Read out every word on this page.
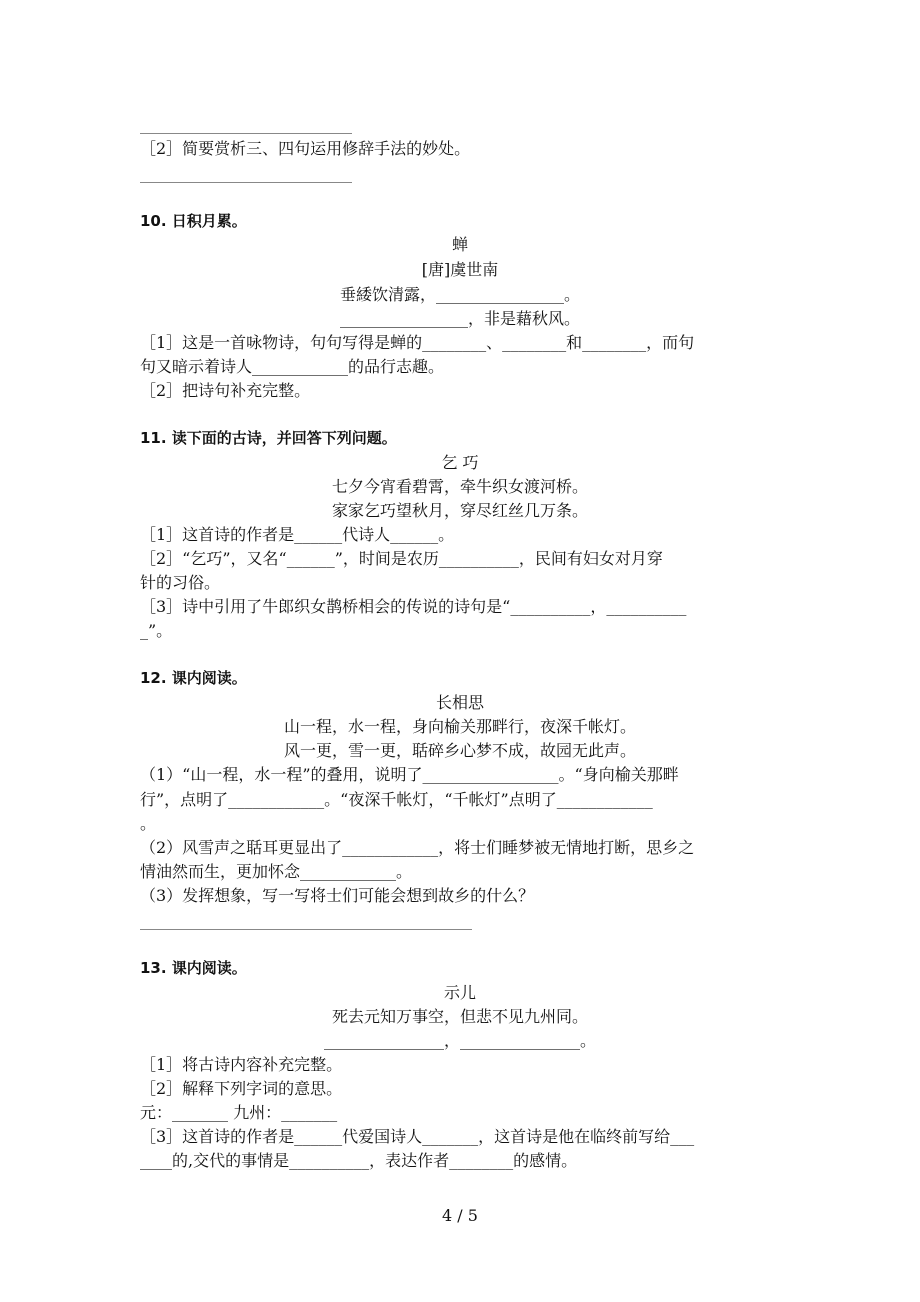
［2］简要赏析三、四句运用修辞手法的妙处。
10. 日积月累。
蝉
[唐]虞世南
垂緌饮清露，________________。
________________，非是藉秋风。
［1］这是一首咏物诗，句句写得是蝉的________、________和________，而句
句又暗示着诗人____________的品行志趣。
［2］把诗句补充完整。
11. 读下面的古诗，并回答下列问题。
乞 巧
七夕今宵看碧霄，牵牛织女渡河桥。
家家乞巧望秋月，穿尽红丝几万条。
［1］这首诗的作者是______代诗人______。
［2］“乞巧”，又名“______”，时间是农历__________，民间有妇女对月穿
针的习俗。
［3］诗中引用了牛郎织女鹊桥相会的传说的诗句是“__________，__________
_”。
12. 课内阅读。
长相思
山一程，水一程，身向榆关那畔行，夜深千帐灯。
风一更，雪一更，聒碎乡心梦不成，故园无此声。
（1）“山一程，水一程”的叠用，说明了_________________。“身向榆关那畔
行”，点明了____________。“夜深千帐灯，“千帐灯”点明了____________
。
（2）风雪声之聒耳更显出了____________，将士们睡梦被无情地打断，思乡之
情油然而生，更加怀念____________。
（3）发挥想象，写一写将士们可能会想到故乡的什么？
13. 课内阅读。
示儿
死去元知万事空，但悲不见九州同。
_______________，_______________。
［1］将古诗内容补充完整。
［2］解释下列字词的意思。
元：_______ 九州：_______
［3］这首诗的作者是______代爱国诗人_______，这首诗是他在临终前写给___
____的,交代的事情是__________，表达作者________的感情。
4 / 5
